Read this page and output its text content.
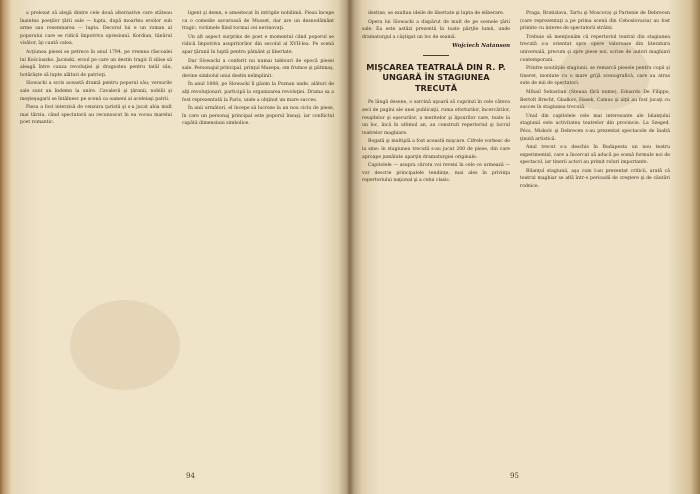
a prelezat să alegă dintre cele două alternative care stăteau înaintea poeţilor ţării sale — lupta, după moartea eroilor sub arme sau resemnarea — lupta. Decorul lui e un roman al poporului care se ridică împotriva opresiunii. Kordian, tânărul visător, îşi caută calea.

Acţiunea piesei se petrece în anul 1794, pe vremea răscoalei lui Kościuszko. Jacinski, eroul pe care un destin tragic îl silise să aleagă între cauza revoluţiei şi dragostea pentru tatăl său, hotărăşte să lupte alături de patrioţi.

Slowacki a scris această dramă pentru poporul său; versurile sale sunt un îndemn la unire. Cavalerii şi ţăranii, nobilii şi meşteşugarii se întâlnesc pe scenă ca oameni ai aceleiaşi patrii.

Piesa a fost interzisă de cenzura ţaristă şi s-a jucat abia mult mai târziu, când spectatorii au recunoscut în ea vocea marelui poet romantic.

ligent şi demn, e amestecat în intrigile nobilimii. Piesa începe ca o comedie savuroasă de Musset, dar are un deznodământ tragic, victimele fiind tocmai cei nevinovaţi.

Un alt aspect surprins de poet e momentul când poporul se ridică împotriva asupritorilor din secolul al XVII-lea. Pe scenă apar ţăranii în luptă pentru pământ şi libertate.

Dar Slowacki a conferit nu numai tablouri de epocă piesei sale. Personajul principal, prinţul Mazepa, om frumos şi pătimaş, devine simbolul unui destin neîmplinit.

În anul 1848, pe Slowacki îl găsim la Poznan unde, alături de alţi revoluţionari, participă la organizarea revoluţiei. Drama sa a fost reprezentată la Paris, unde a obţinut un mare succes.

În anii următori, el începe să lucreze la un nou ciclu de piese, în care un personaj principal este poporul însuşi, iar conflictul capătă dimensiuni simbolice.

94

destine, se exaltau ideile de libertate şi lupta de eliberare.

Opera lui Slowacki a dispărut de mult de pe scenele ţării sale. Ea este astăzi prezentă în toate părţile lumii, unde dramaturgul a câştigat un loc de seamă.

Wojciech Natanson
MIŞCAREA TEATRALĂ DIN R. P. UNGARĂ ÎN STAGIUNEA TRECUTĂ

Pe lângă desene, o sarcină uşoară să cuprinzi în cele câteva zeci de pagini ale unei publicaţii, ruma eforturilor, încercărilor, reuşitelor şi eşecurilor, a meritelor şi lipsurilor care, toate la un loc, încă în ultimul an, au construit repertoriul şi lucrul teatrelor maghiare.

Bogată şi multiplă a fost această mişcare. Cifrele vorbesc de la sine: în stagiunea trecută s-au jucat 200 de piese, din care aproape jumătate aparţin dramaturgiei originale.

Capitolele — asupra cărora voi reveni în cele ce urmează — vor descrie principalele tendinţe, mai ales în privinţa repertoriului naţional şi a celui clasic.

Praga, Bratislava, Tartu şi Moscova) şi Partenie de Debrecen (care reprezentaţi a pe prima scenă din Cehoslovacia) au fost primite cu interes de spectatorii străini.

Trebuie să menţionăm că repertoriul teatral din stagiunea trecută s-a orientat spre opere valoroase din literatura universală, precum şi spre piese noi, scrise de autori maghiari contemporani.

Printre noutăţile stagiunii, se remarcă piesele pentru copii şi tineret, montate cu o mare grijă scenografică, care au atras sute de mii de spectatori.

Mihail Sebastian (Steaua fără nume), Eduardo De Filippo, Bertolt Brecht, Gladkov, Hasek, Camus şi alţii au fost jucaţi cu succes în stagiunea trecută.

Unul din capitolele cele mai interesante ale bilanţului stagiunii este activitatea teatrelor din provincie. La Szeged, Pécs, Miskolc şi Debrecen s-au prezentat spectacole de înaltă ţinută artistică.

Anul trecut s-a deschis în Budapesta un nou teatru experimental, care a încercat să aducă pe scenă formule noi de spectacol, iar tinerii actori au primit roluri importante.

Bilanţul stagiunii, aşa cum l-au prezentat criticii, arată că teatrul maghiar se află într-o perioadă de creştere şi de căutări rodnice.

95
